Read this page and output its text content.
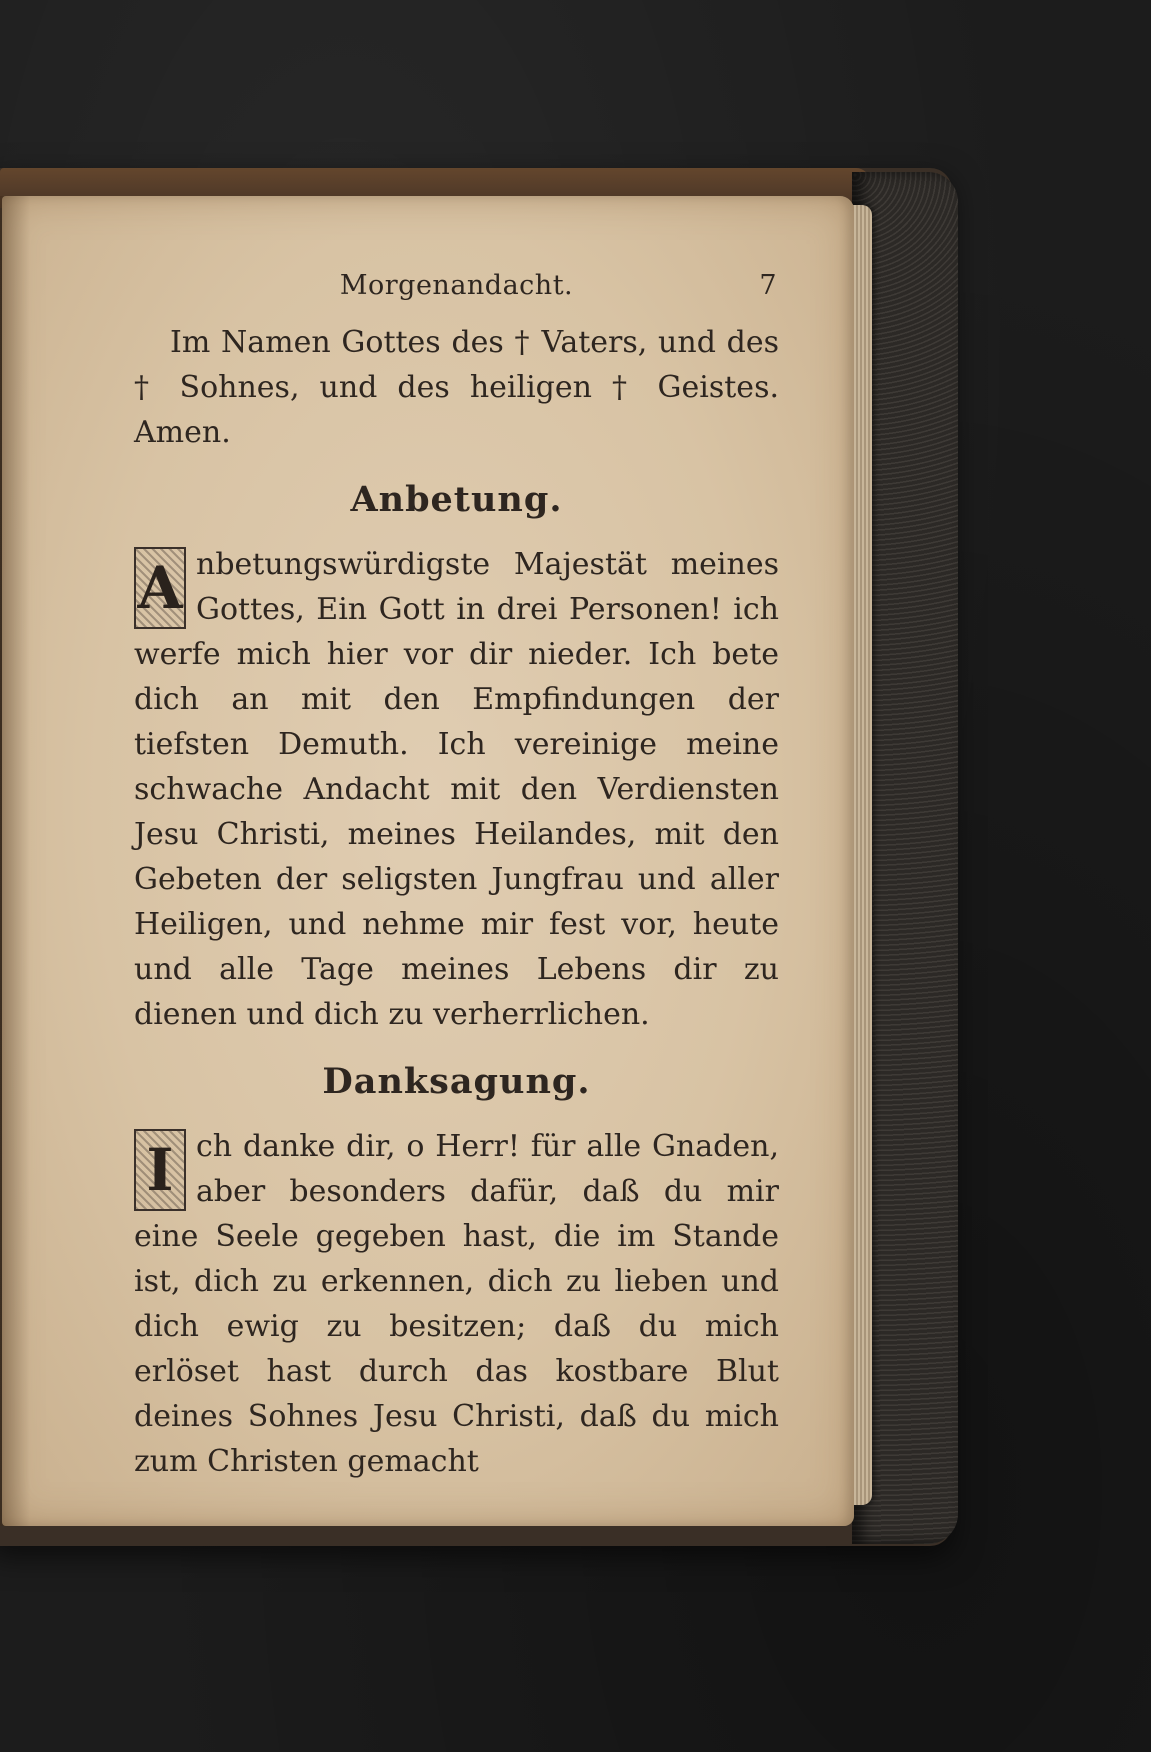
Morgenandacht.	7

Im Namen Gottes des † Vaters, und des † Sohnes, und des heiligen † Geistes. Amen.

Anbetung.
A nbetungswürdigste Majestät meines Gottes, Ein Gott in drei Personen! ich werfe mich hier vor dir nieder. Ich bete dich an mit den Empfindungen der tiefsten Demuth. Ich vereinige meine schwache Andacht mit den Verdiensten Jesu Christi, meines Heilandes, mit den Gebeten der seligsten Jungfrau und aller Heiligen, und nehme mir fest vor, heute und alle Tage meines Lebens dir zu dienen und dich zu verherrlichen.

Danksagung.
I ch danke dir, o Herr! für alle Gnaden, aber besonders dafür, daß du mir eine Seele gegeben hast, die im Stande ist, dich zu erkennen, dich zu lieben und dich ewig zu besitzen; daß du mich erlöset hast durch das kostbare Blut deines Sohnes Jesu Christi, daß du mich zum Christen gemacht
